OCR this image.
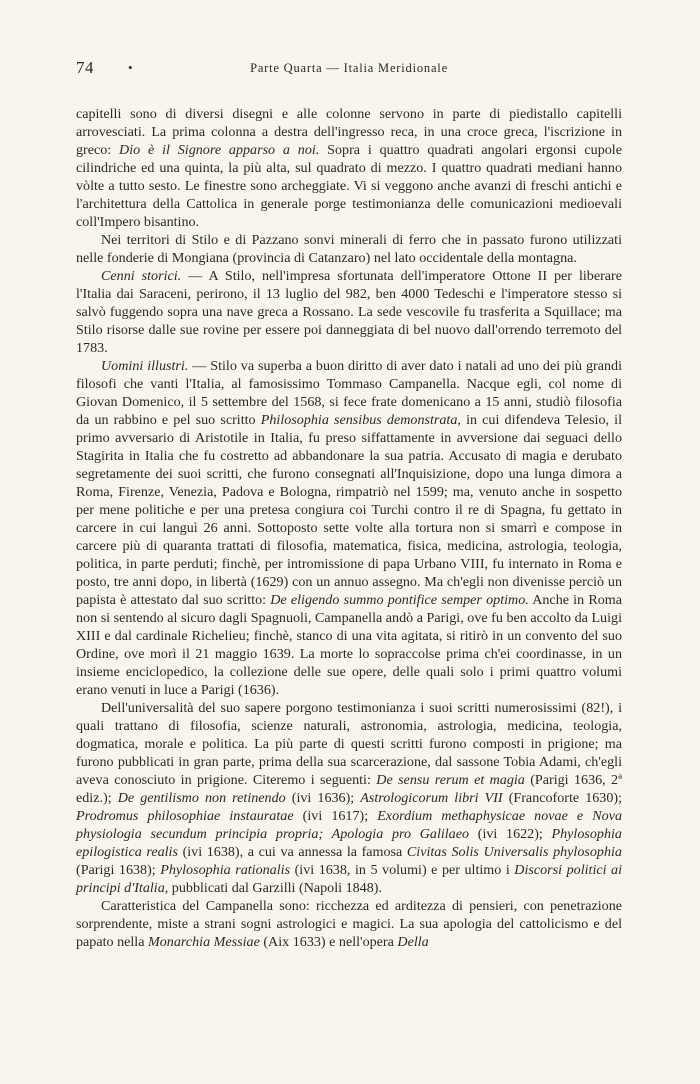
74	•	Parte Quarta — Italia Meridionale

capitelli sono di diversi disegni e alle colonne servono in parte di piedistallo capitelli arrovesciati. La prima colonna a destra dell'ingresso reca, in una croce greca, l'iscrizione in greco: Dio è il Signore apparso a noi. Sopra i quattro quadrati angolari ergonsi cupole cilindriche ed una quinta, la più alta, sul quadrato di mezzo. I quattro quadrati mediani hanno vòlte a tutto sesto. Le finestre sono archeggiate. Vi si veggono anche avanzi di freschi antichi e l'architettura della Cattolica in generale porge testimonianza delle comunicazioni medioevali coll'Impero bisantino.

Nei territori di Stilo e di Pazzano sonvi minerali di ferro che in passato furono utilizzati nelle fonderie di Mongiana (provincia di Catanzaro) nel lato occidentale della montagna.

Cenni storici. — A Stilo, nell'impresa sfortunata dell'imperatore Ottone II per liberare l'Italia dai Saraceni, perirono, il 13 luglio del 982, ben 4000 Tedeschi e l'imperatore stesso si salvò fuggendo sopra una nave greca a Rossano. La sede vescovile fu trasferita a Squillace; ma Stilo risorse dalle sue rovine per essere poi danneggiata di bel nuovo dall'orrendo terremoto del 1783.

Uomini illustri. — Stilo va superba a buon diritto di aver dato i natali ad uno dei più grandi filosofi che vanti l'Italia, al famosissimo Tommaso Campanella. Nacque egli, col nome di Giovan Domenico, il 5 settembre del 1568, si fece frate domenicano a 15 anni, studiò filosofia da un rabbino e pel suo scritto Philosophia sensibus demonstrata, in cui difendeva Telesio, il primo avversario di Aristotile in Italia, fu preso siffattamente in avversione dai seguaci dello Stagirita in Italia che fu costretto ad abbandonare la sua patria. Accusato di magia e derubato segretamente dei suoi scritti, che furono consegnati all'Inquisizione, dopo una lunga dimora a Roma, Firenze, Venezia, Padova e Bologna, rimpatriò nel 1599; ma, venuto anche in sospetto per mene politiche e per una pretesa congiura coi Turchi contro il re di Spagna, fu gettato in carcere in cui languì 26 anni. Sottoposto sette volte alla tortura non si smarrì e compose in carcere più di quaranta trattati di filosofia, matematica, fisica, medicina, astrologia, teologia, politica, in parte perduti; finchè, per intromissione di papa Urbano VIII, fu internato in Roma e posto, tre anni dopo, in libertà (1629) con un annuo assegno. Ma ch'egli non divenisse perciò un papista è attestato dal suo scritto: De eligendo summo pontifice semper optimo. Anche in Roma non si sentendo al sicuro dagli Spagnuoli, Campanella andò a Parigi, ove fu ben accolto da Luigi XIII e dal cardinale Richelieu; finchè, stanco di una vita agitata, si ritirò in un convento del suo Ordine, ove morì il 21 maggio 1639. La morte lo sopraccolse prima ch'ei coordinasse, in un insieme enciclopedico, la collezione delle sue opere, delle quali solo i primi quattro volumi erano venuti in luce a Parigi (1636).

Dell'universalità del suo sapere porgono testimonianza i suoi scritti numerosissimi (82!), i quali trattano di filosofia, scienze naturali, astronomia, astrologia, medicina, teologia, dogmatica, morale e politica. La più parte di questi scritti furono composti in prigione; ma furono pubblicati in gran parte, prima della sua scarcerazione, dal sassone Tobia Adami, ch'egli aveva conosciuto in prigione. Citeremo i seguenti: De sensu rerum et magia (Parigi 1636, 2ª ediz.); De gentilismo non retinendo (ivi 1636); Astrologicorum libri VII (Francoforte 1630); Prodromus philosophiae instauratae (ivi 1617); Exordium methaphysicae novae e Nova physiologia secundum principia propria; Apologia pro Galilaeo (ivi 1622); Phylosophia epilogistica realis (ivi 1638), a cui va annessa la famosa Civitas Solis Universalis phylosophia (Parigi 1638); Phylosophia rationalis (ivi 1638, in 5 volumi) e per ultimo i Discorsi politici ai principi d'Italia, pubblicati dal Garzilli (Napoli 1848).

Caratteristica del Campanella sono: ricchezza ed arditezza di pensieri, con penetrazione sorprendente, miste a strani sogni astrologici e magici. La sua apologia del cattolicismo e del papato nella Monarchia Messiae (Aix 1633) e nell'opera Della
